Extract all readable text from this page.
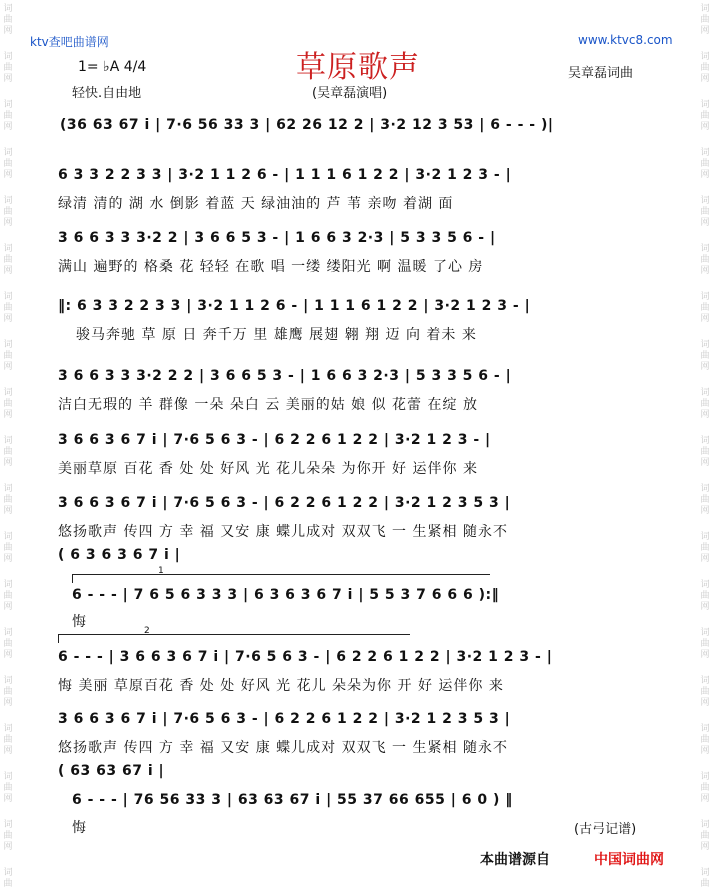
词
曲
网
词
曲
网
词
曲
网
词
曲
网
词
曲
网
词
曲
网
词
曲
网
词
曲
网
词
曲
网
词
曲
网
词
曲
网
词
曲
网
词
曲
网
词
曲
网
词
曲
网
词
曲
网
词
曲
网
词
曲
网
词
曲
词
曲
网
词
曲
网
词
曲
网
词
曲
网
词
曲
网
词
曲
网
词
曲
网
词
曲
网
词
曲
网
词
曲
网
词
曲
网
词
曲
网
词
曲
网
词
曲
网
词
曲
网
词
曲
网
词
曲
网
词
曲
网
词
曲
ktv查吧曲谱网	www.ktvc8.com
草原歌声
1= ♭A 4/4
轻快.自由地
吴章磊词曲
(吴章磊演唱)
(36 63 67 i | 7·6 56 33 3 | 62 26 12 2 | 3·2 12 3 53 | 6 - - - )|
6 3 3 2 2 3 3 | 3·2 1 1 2 6 - | 1 1 1 6 1 2 2 | 3·2 1 2 3 - |
绿清 清的 湖 水 倒影 着蓝 天 绿油油的 芦 苇 亲吻 着湖 面
3 6 6 3 3 3·2 2 | 3 6 6 5 3 - | 1 6 6 3 2·3 | 5 3 3 5 6 - |
满山 遍野的 格桑 花 轻轻 在歌 唱 一缕 缕阳光 啊 温暖 了心 房
‖: 6 3 3 2 2 3 3 | 3·2 1 1 2 6 - | 1 1 1 6 1 2 2 | 3·2 1 2 3 - |
骏马奔驰 草 原 日 奔千万 里 雄鹰 展翅 翱 翔 迈 向 着未 来
3 6 6 3 3 3·2 2 2 | 3 6 6 5 3 - | 1 6 6 3 2·3 | 5 3 3 5 6 - |
洁白无瑕的 羊 群像 一朵 朵白 云 美丽的姑 娘 似 花蕾 在绽 放
3 6 6 3 6 7 i | 7·6 5 6 3 - | 6 2 2 6 1 2 2 | 3·2 1 2 3 - |
美丽草原 百花 香 处 处 好风 光 花儿朵朵 为你开 好 运伴你 来
3 6 6 3 6 7 i | 7·6 5 6 3 - | 6 2 2 6 1 2 2 | 3·2 1 2 3 5 3 |
悠扬歌声 传四 方 幸 福 又安 康 蝶儿成对 双双飞 一 生紧相 随永不
( 6 3 6 3 6 7 i |
1
6 - - - | 7 6 5 6 3 3 3 | 6 3 6 3 6 7 i | 5 5 3 7 6 6 6 ):‖
悔
2
6 - - - | 3 6 6 3 6 7 i | 7·6 5 6 3 - | 6 2 2 6 1 2 2 | 3·2 1 2 3 - |
悔 美丽 草原百花 香 处 处 好风 光 花儿 朵朵为你 开 好 运伴你 来
3 6 6 3 6 7 i | 7·6 5 6 3 - | 6 2 2 6 1 2 2 | 3·2 1 2 3 5 3 |
悠扬歌声 传四 方 幸 福 又安 康 蝶儿成对 双双飞 一 生紧相 随永不
( 63 63 67 i |
6 - - - | 76 56 33 3 | 63 63 67 i | 55 37 66 655 | 6 0 ) ‖
悔	(古弓记谱)
本曲谱源自	中国词曲网
